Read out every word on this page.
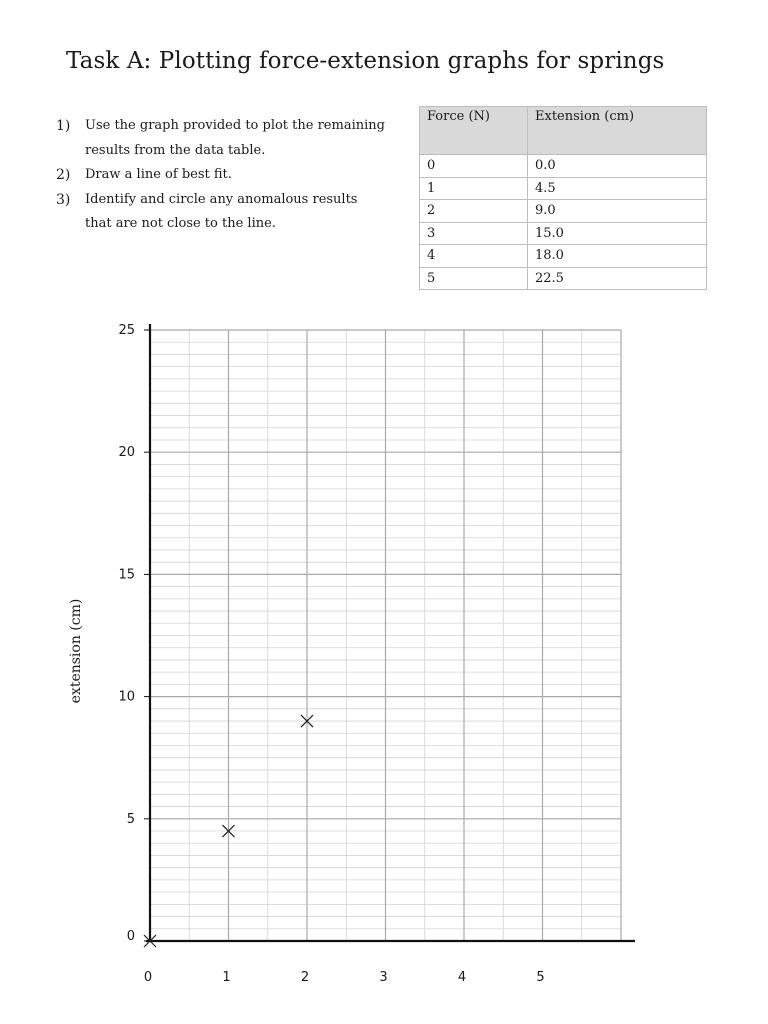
Task A: Plotting force-extension graphs for springs
1)	Use the graph provided to plot the remaining results from the data table.
2)	Draw a line of best fit.
3)	Identify and circle any anomalous results that are not close to the line.
Force (N)	Extension (cm)
0	0.0
1	4.5
2	9.0
3	15.0
4	18.0
5	22.5
extension (cm)
0
5
10
15
20
25
0	1	2	3	4	5
